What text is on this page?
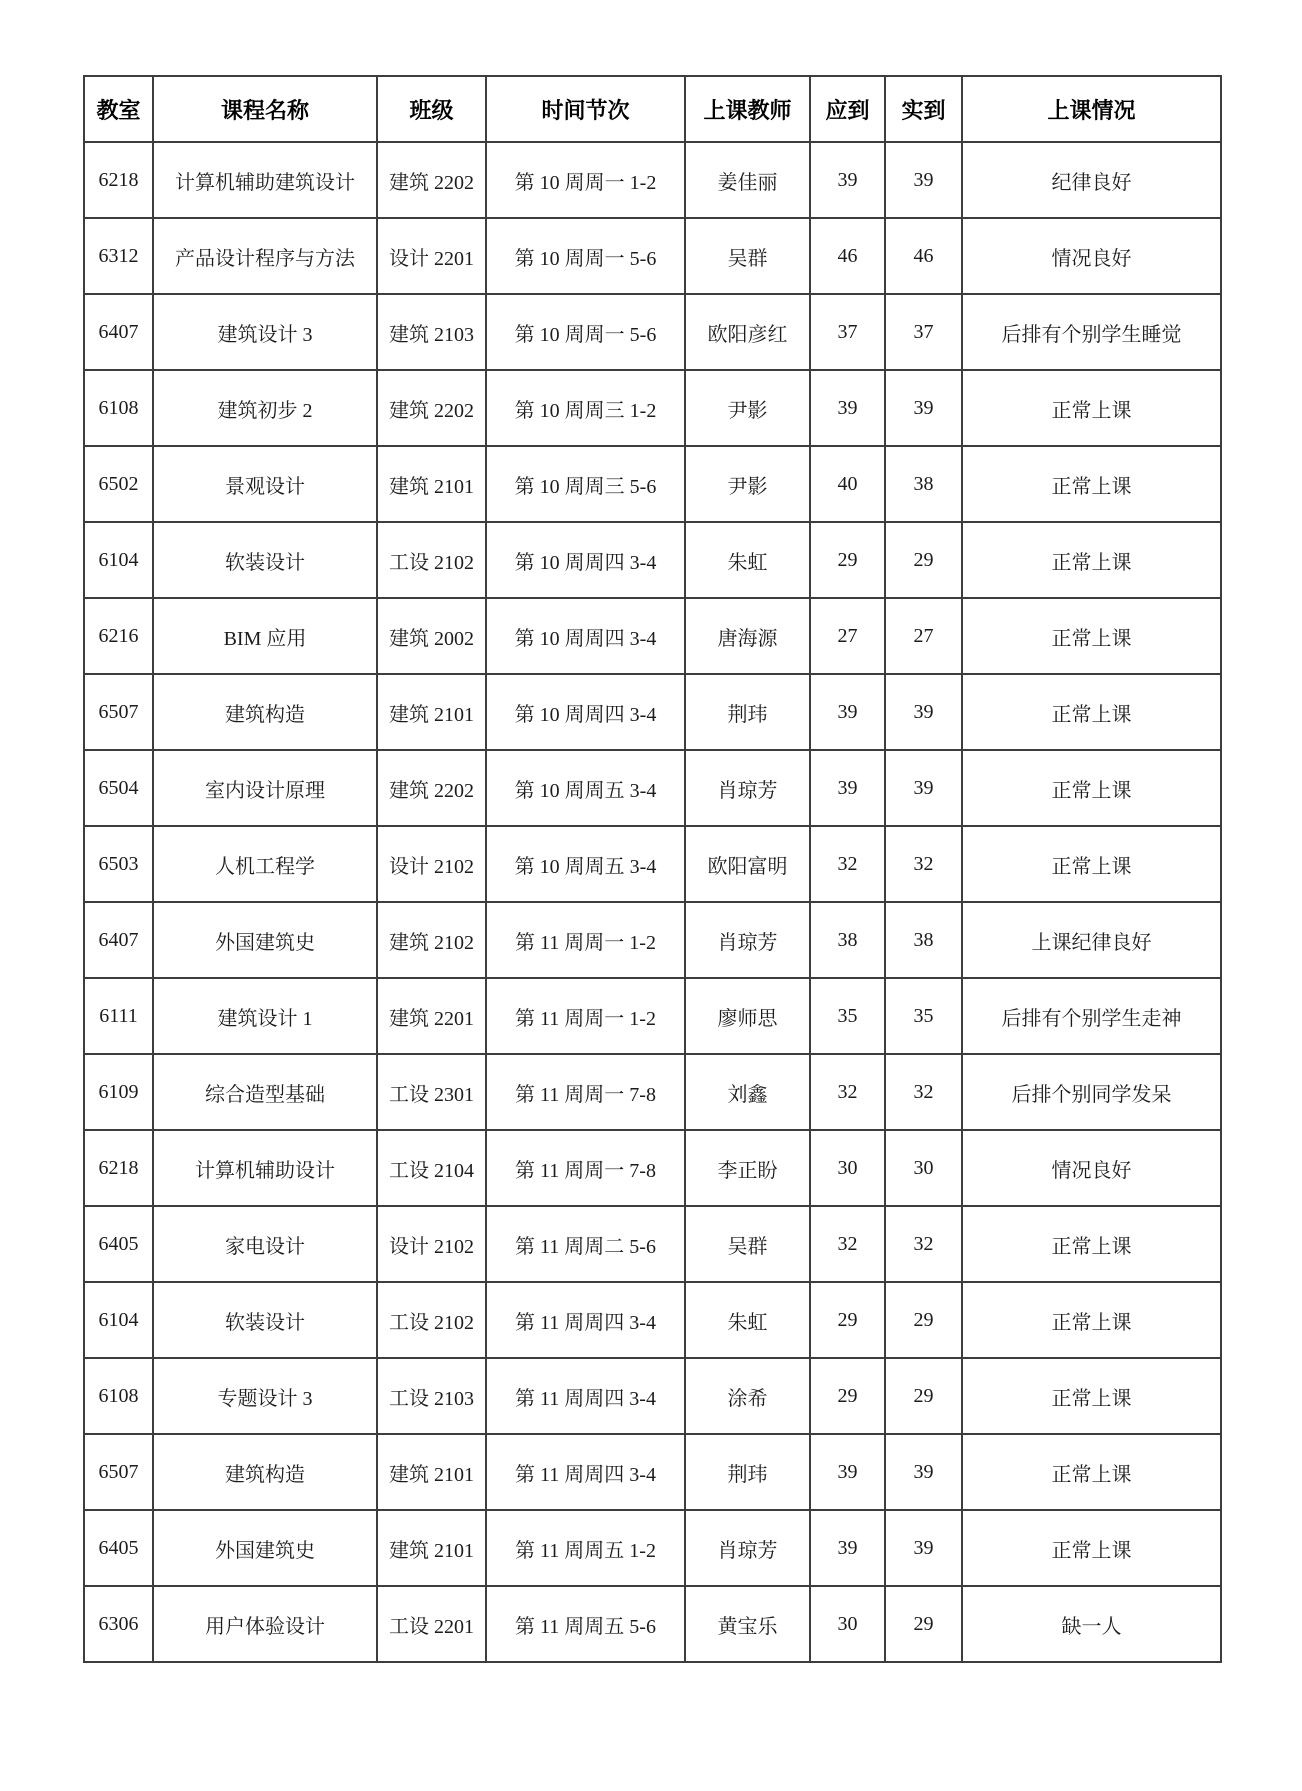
教室	课程名称	班级	时间节次	上课教师	应到	实到	上课情况
6218	计算机辅助建筑设计	建筑 2202	第 10 周周一 1-2	姜佳丽	39	39	纪律良好
6312	产品设计程序与方法	设计 2201	第 10 周周一 5-6	吴群	46	46	情况良好
6407	建筑设计 3	建筑 2103	第 10 周周一 5-6	欧阳彦红	37	37	后排有个别学生睡觉
6108	建筑初步 2	建筑 2202	第 10 周周三 1-2	尹影	39	39	正常上课
6502	景观设计	建筑 2101	第 10 周周三 5-6	尹影	40	38	正常上课
6104	软装设计	工设 2102	第 10 周周四 3-4	朱虹	29	29	正常上课
6216	BIM 应用	建筑 2002	第 10 周周四 3-4	唐海源	27	27	正常上课
6507	建筑构造	建筑 2101	第 10 周周四 3-4	荆玮	39	39	正常上课
6504	室内设计原理	建筑 2202	第 10 周周五 3-4	肖琼芳	39	39	正常上课
6503	人机工程学	设计 2102	第 10 周周五 3-4	欧阳富明	32	32	正常上课
6407	外国建筑史	建筑 2102	第 11 周周一 1-2	肖琼芳	38	38	上课纪律良好
6111	建筑设计 1	建筑 2201	第 11 周周一 1-2	廖师思	35	35	后排有个别学生走神
6109	综合造型基础	工设 2301	第 11 周周一 7-8	刘鑫	32	32	后排个别同学发呆
6218	计算机辅助设计	工设 2104	第 11 周周一 7-8	李正盼	30	30	情况良好
6405	家电设计	设计 2102	第 11 周周二 5-6	吴群	32	32	正常上课
6104	软装设计	工设 2102	第 11 周周四 3-4	朱虹	29	29	正常上课
6108	专题设计 3	工设 2103	第 11 周周四 3-4	涂希	29	29	正常上课
6507	建筑构造	建筑 2101	第 11 周周四 3-4	荆玮	39	39	正常上课
6405	外国建筑史	建筑 2101	第 11 周周五 1-2	肖琼芳	39	39	正常上课
6306	用户体验设计	工设 2201	第 11 周周五 5-6	黄宝乐	30	29	缺一人
